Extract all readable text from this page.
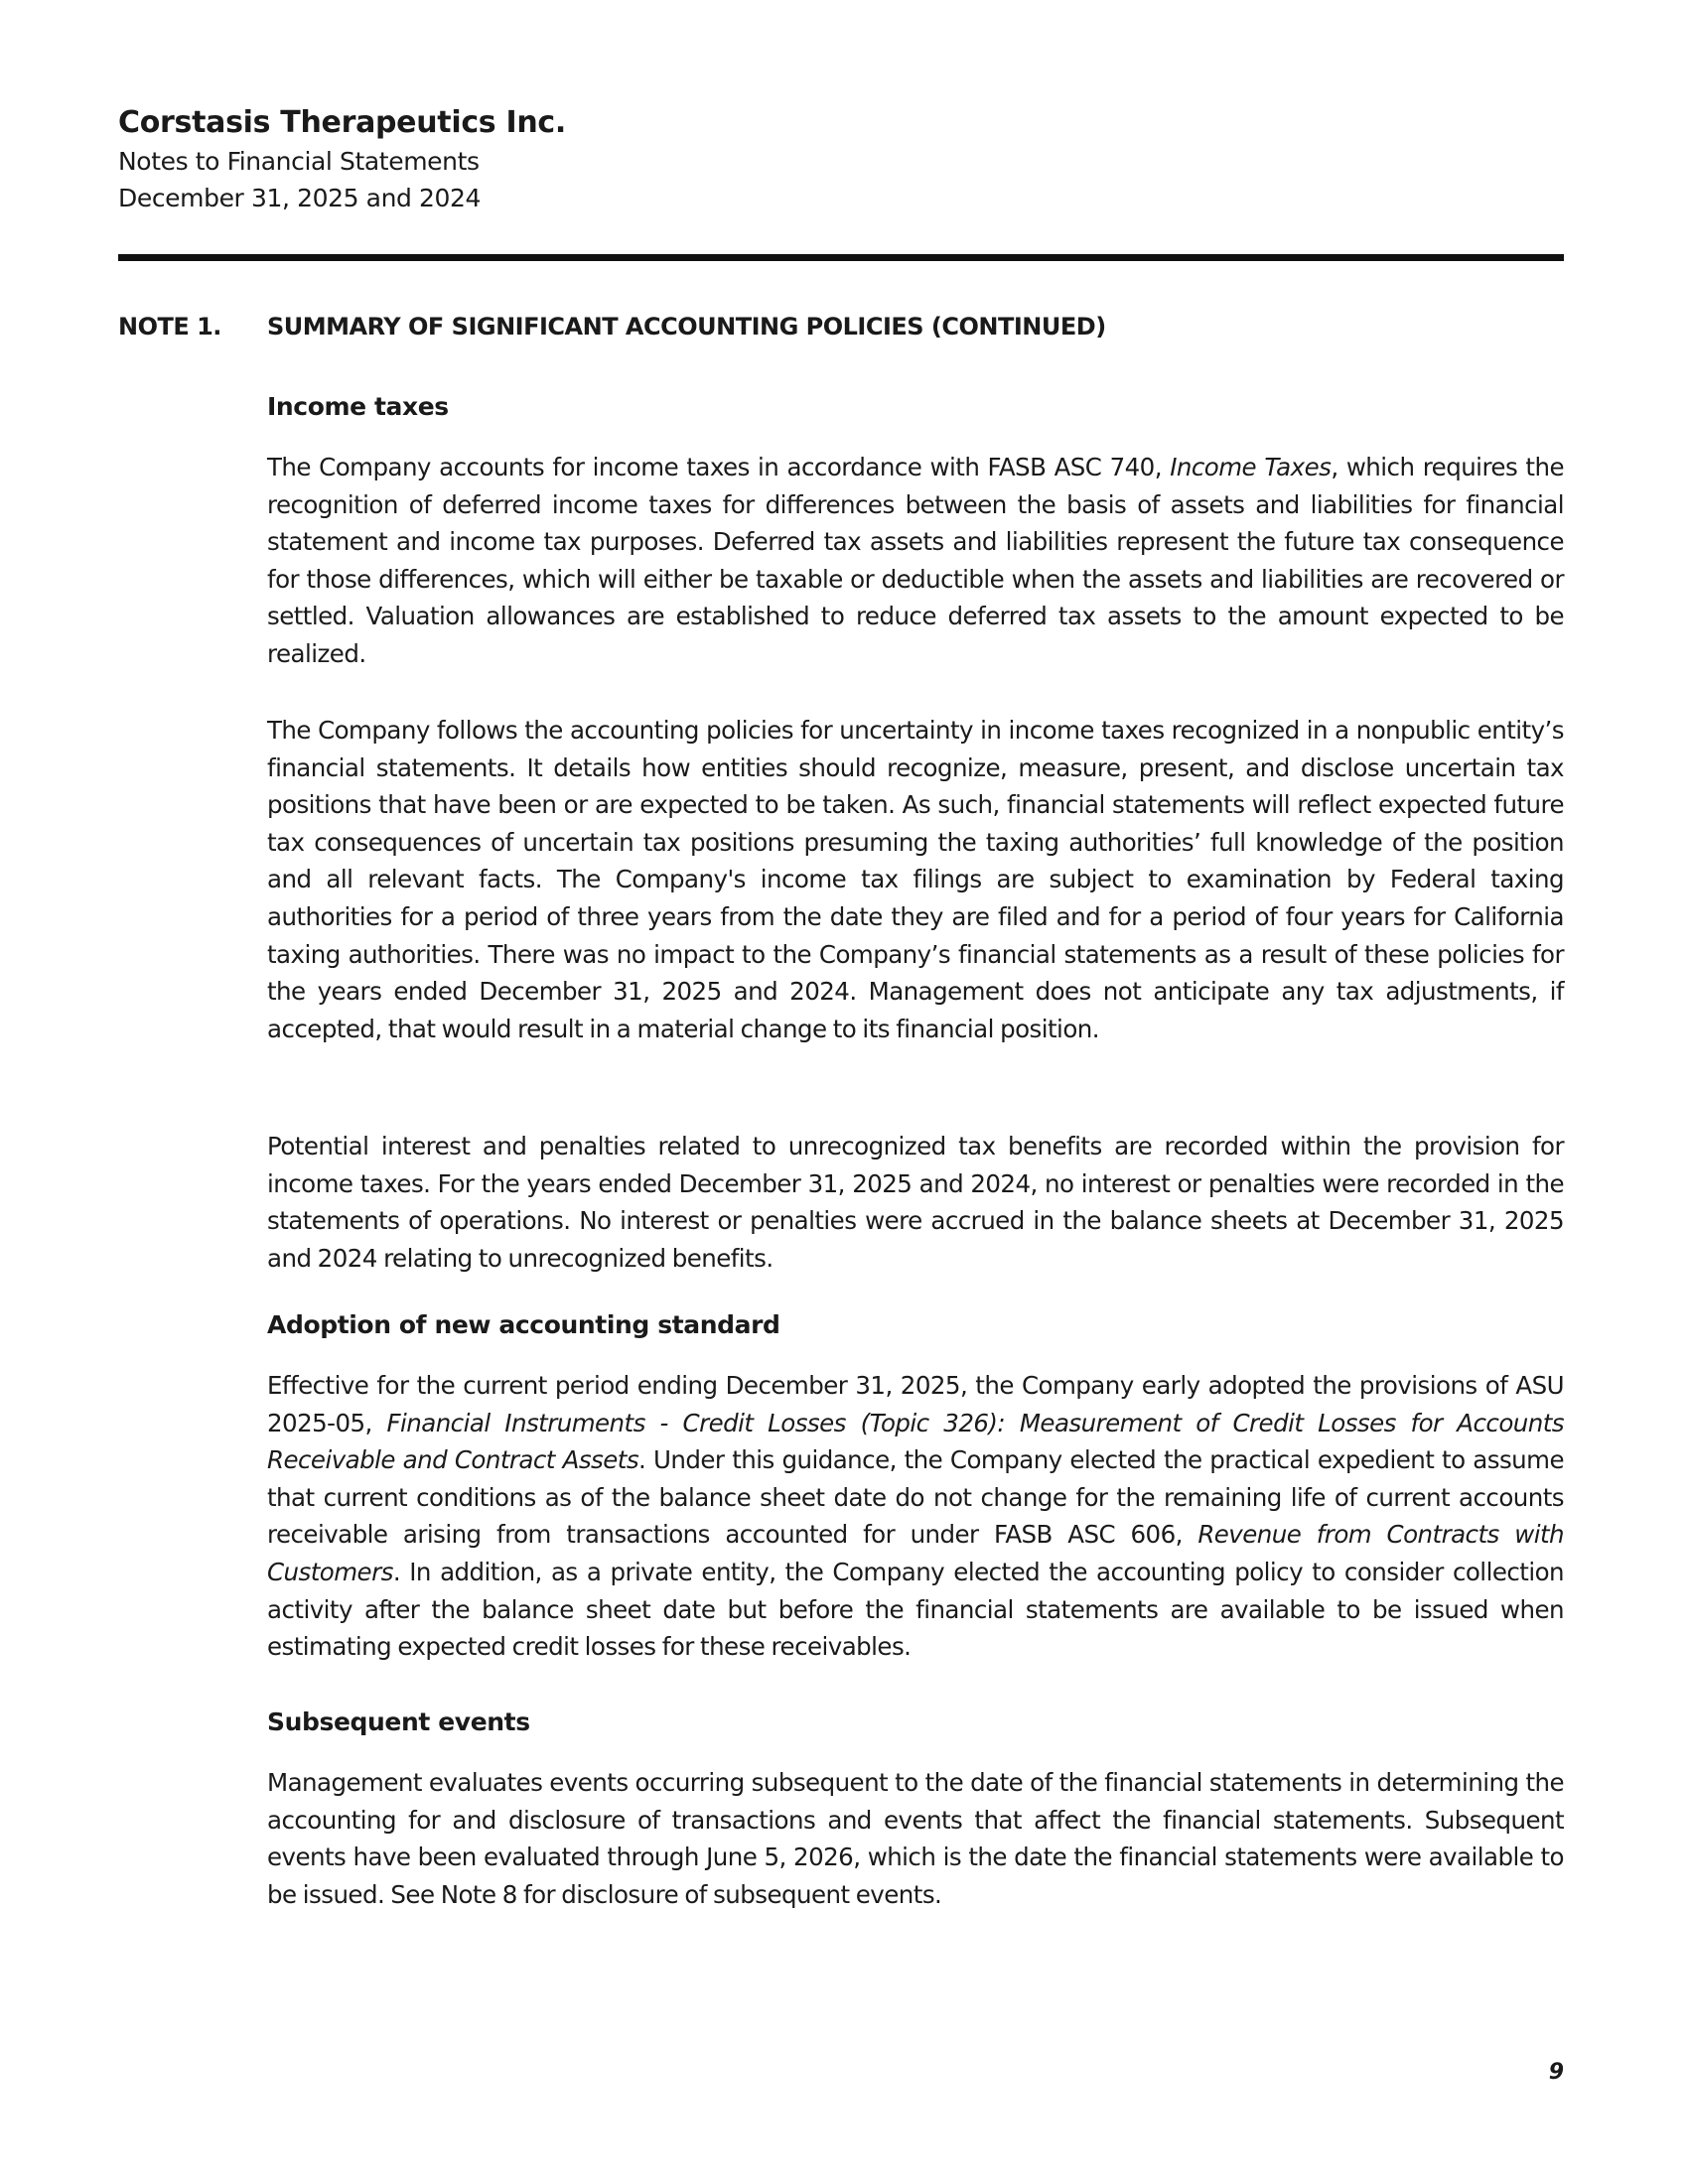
Corstasis Therapeutics Inc.
Notes to Financial Statements
December 31, 2025 and 2024
NOTE 1. SUMMARY OF SIGNIFICANT ACCOUNTING POLICIES (CONTINUED)
Income taxes

The Company accounts for income taxes in accordance with FASB ASC 740, Income Taxes, which requires the recognition of deferred income taxes for differences between the basis of assets and liabilities for financial statement and income tax purposes. Deferred tax assets and liabilities represent the future tax consequence for those differences, which will either be taxable or deductible when the assets and liabilities are recovered or settled. Valuation allowances are established to reduce deferred tax assets to the amount expected to be realized.

The Company follows the accounting policies for uncertainty in income taxes recognized in a nonpublic entity’s financial statements. It details how entities should recognize, measure, present, and disclose uncertain tax positions that have been or are expected to be taken. As such, financial statements will reflect expected future tax consequences of uncertain tax positions presuming the taxing authorities’ full knowledge of the position and all relevant facts. The Company's income tax filings are subject to examination by Federal taxing authorities for a period of three years from the date they are filed and for a period of four years for California taxing authorities. There was no impact to the Company’s financial statements as a result of these policies for the years ended December 31, 2025 and 2024. Management does not anticipate any tax adjustments, if accepted, that would result in a material change to its financial position.

Potential interest and penalties related to unrecognized tax benefits are recorded within the provision for income taxes. For the years ended December 31, 2025 and 2024, no interest or penalties were recorded in the statements of operations. No interest or penalties were accrued in the balance sheets at December 31, 2025 and 2024 relating to unrecognized benefits.

Adoption of new accounting standard

Effective for the current period ending December 31, 2025, the Company early adopted the provisions of ASU 2025-05, Financial Instruments - Credit Losses (Topic 326): Measurement of Credit Losses for Accounts Receivable and Contract Assets. Under this guidance, the Company elected the practical expedient to assume that current conditions as of the balance sheet date do not change for the remaining life of current accounts receivable arising from transactions accounted for under FASB ASC 606, Revenue from Contracts with Customers. In addition, as a private entity, the Company elected the accounting policy to consider collection activity after the balance sheet date but before the financial statements are available to be issued when estimating expected credit losses for these receivables.

Subsequent events

Management evaluates events occurring subsequent to the date of the financial statements in determining the accounting for and disclosure of transactions and events that affect the financial statements. Subsequent events have been evaluated through June 5, 2026, which is the date the financial statements were available to be issued. See Note 8 for disclosure of subsequent events.

9
